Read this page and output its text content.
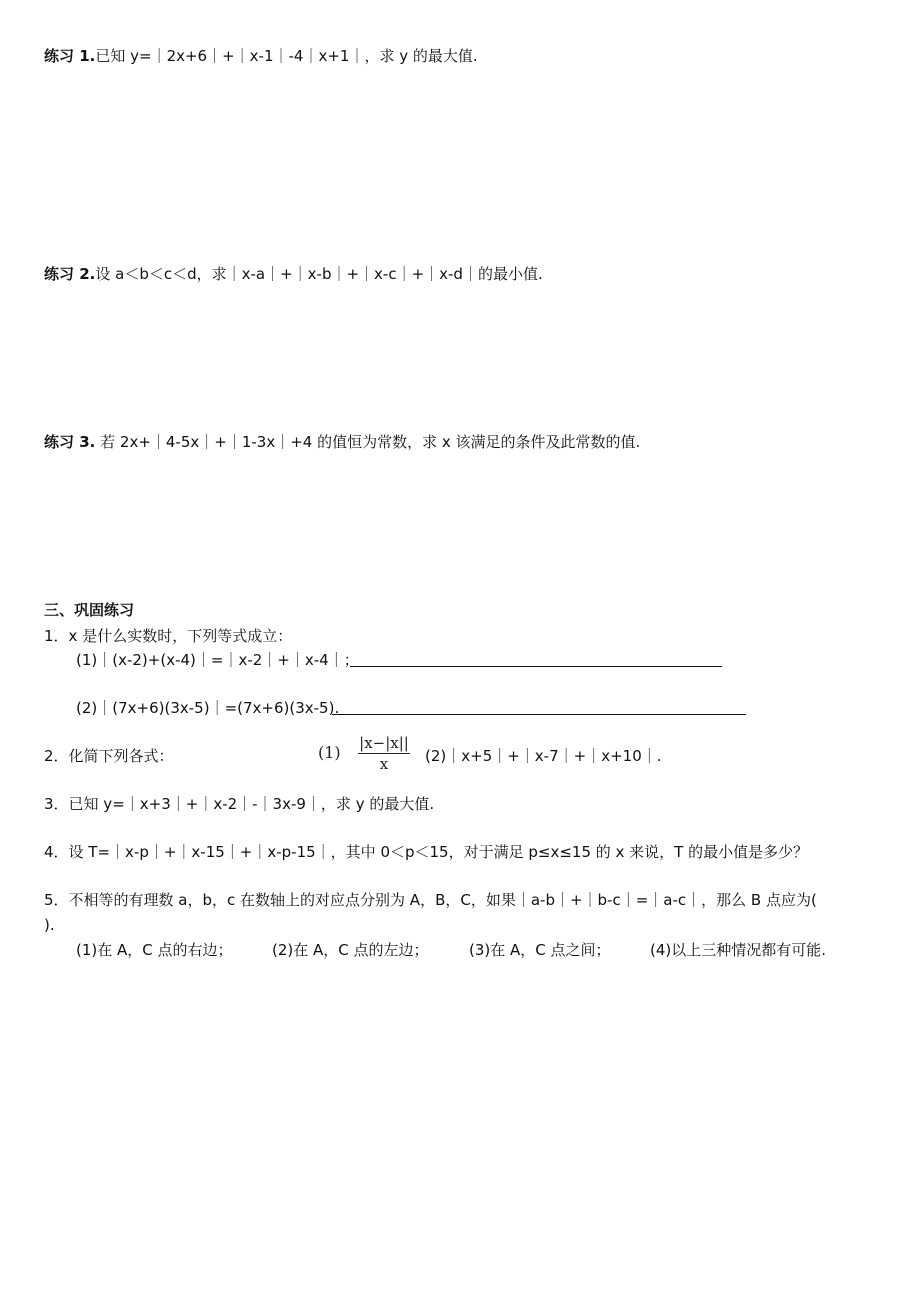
练习 1.已知 y=｜2x+6｜+｜x-1｜-4｜x+1｜，求 y 的最大值.
练习 2.设 a＜b＜c＜d，求｜x-a｜+｜x-b｜+｜x-c｜+｜x-d｜的最小值.
练习 3. 若 2x+｜4-5x｜+｜1-3x｜+4 的值恒为常数，求 x 该满足的条件及此常数的值.
三、巩固练习
1．x 是什么实数时，下列等式成立：
(1)｜(x-2)+(x-4)｜=｜x-2｜+｜x-4｜；
(2)｜(7x+6)(3x-5)｜=(7x+6)(3x-5).
2．化简下列各式：	(1)	|x−|x||
x	(2)｜x+5｜+｜x-7｜+｜x+10｜.
3．已知 y=｜x+3｜+｜x-2｜-｜3x-9｜，求 y 的最大值.
4．设 T=｜x-p｜+｜x-15｜+｜x-p-15｜，其中 0＜p＜15，对于满足 p≤x≤15 的 x 来说，T 的最小值是多少？
5．不相等的有理数 a，b，c 在数轴上的对应点分别为 A，B，C，如果｜a-b｜+｜b-c｜=｜a-c｜，那么 B 点应为(
).
(1)在 A，C 点的右边；	(2)在 A，C 点的左边；	(3)在 A，C 点之间；	(4)以上三种情况都有可能.
